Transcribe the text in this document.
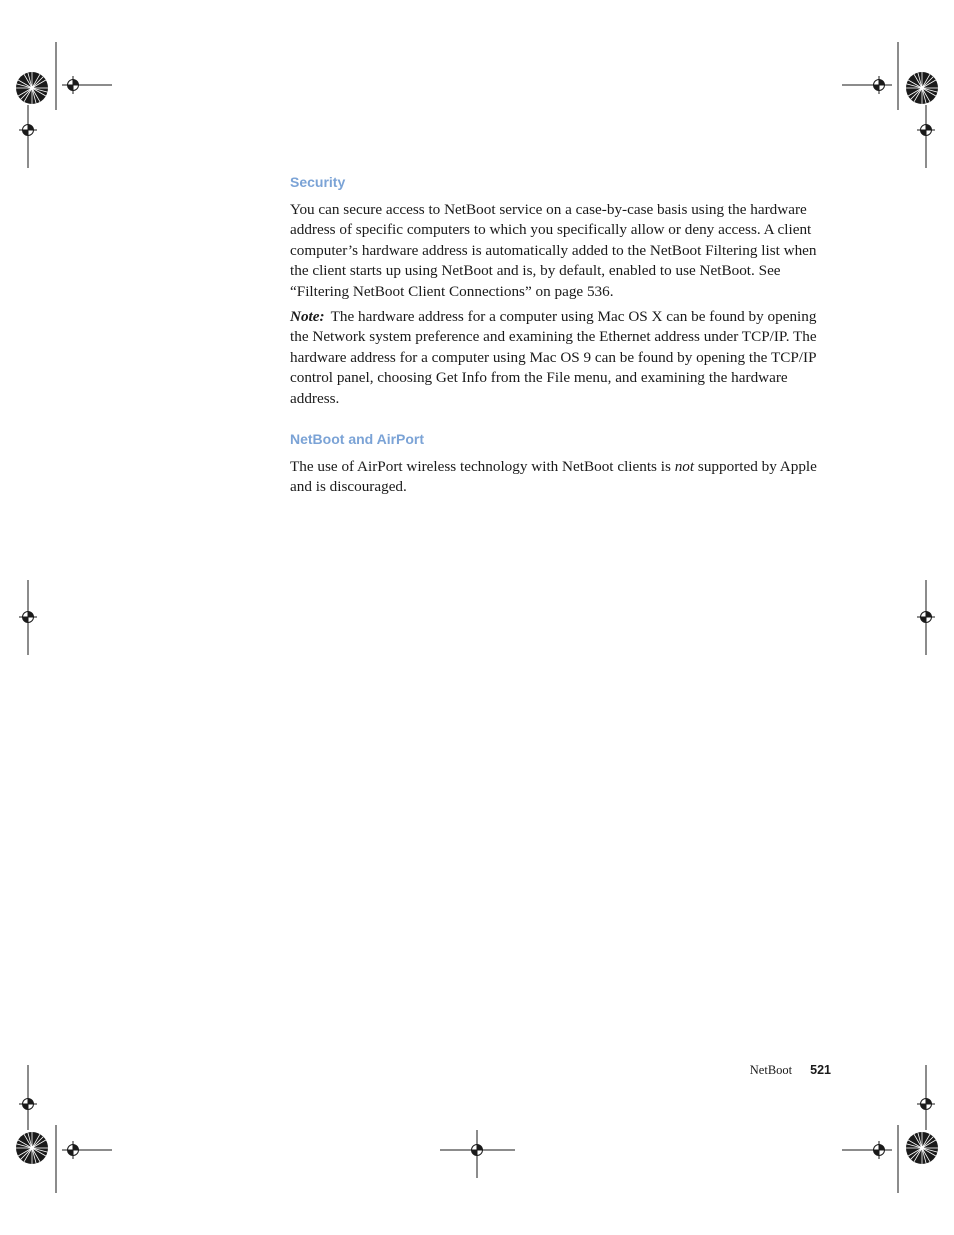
Security

You can secure access to NetBoot service on a case-by-case basis using the hardware address of specific computers to which you specifically allow or deny access. A client computer’s hardware address is automatically added to the NetBoot Filtering list when the client starts up using NetBoot and is, by default, enabled to use NetBoot. See “Filtering NetBoot Client Connections” on page 536.

Note: The hardware address for a computer using Mac OS X can be found by opening the Network system preference and examining the Ethernet address under TCP/IP. The hardware address for a computer using Mac OS 9 can be found by opening the TCP/IP control panel, choosing Get Info from the File menu, and examining the hardware address.

NetBoot and AirPort

The use of AirPort wireless technology with NetBoot clients is not supported by Apple and is discouraged.

NetBoot 521
